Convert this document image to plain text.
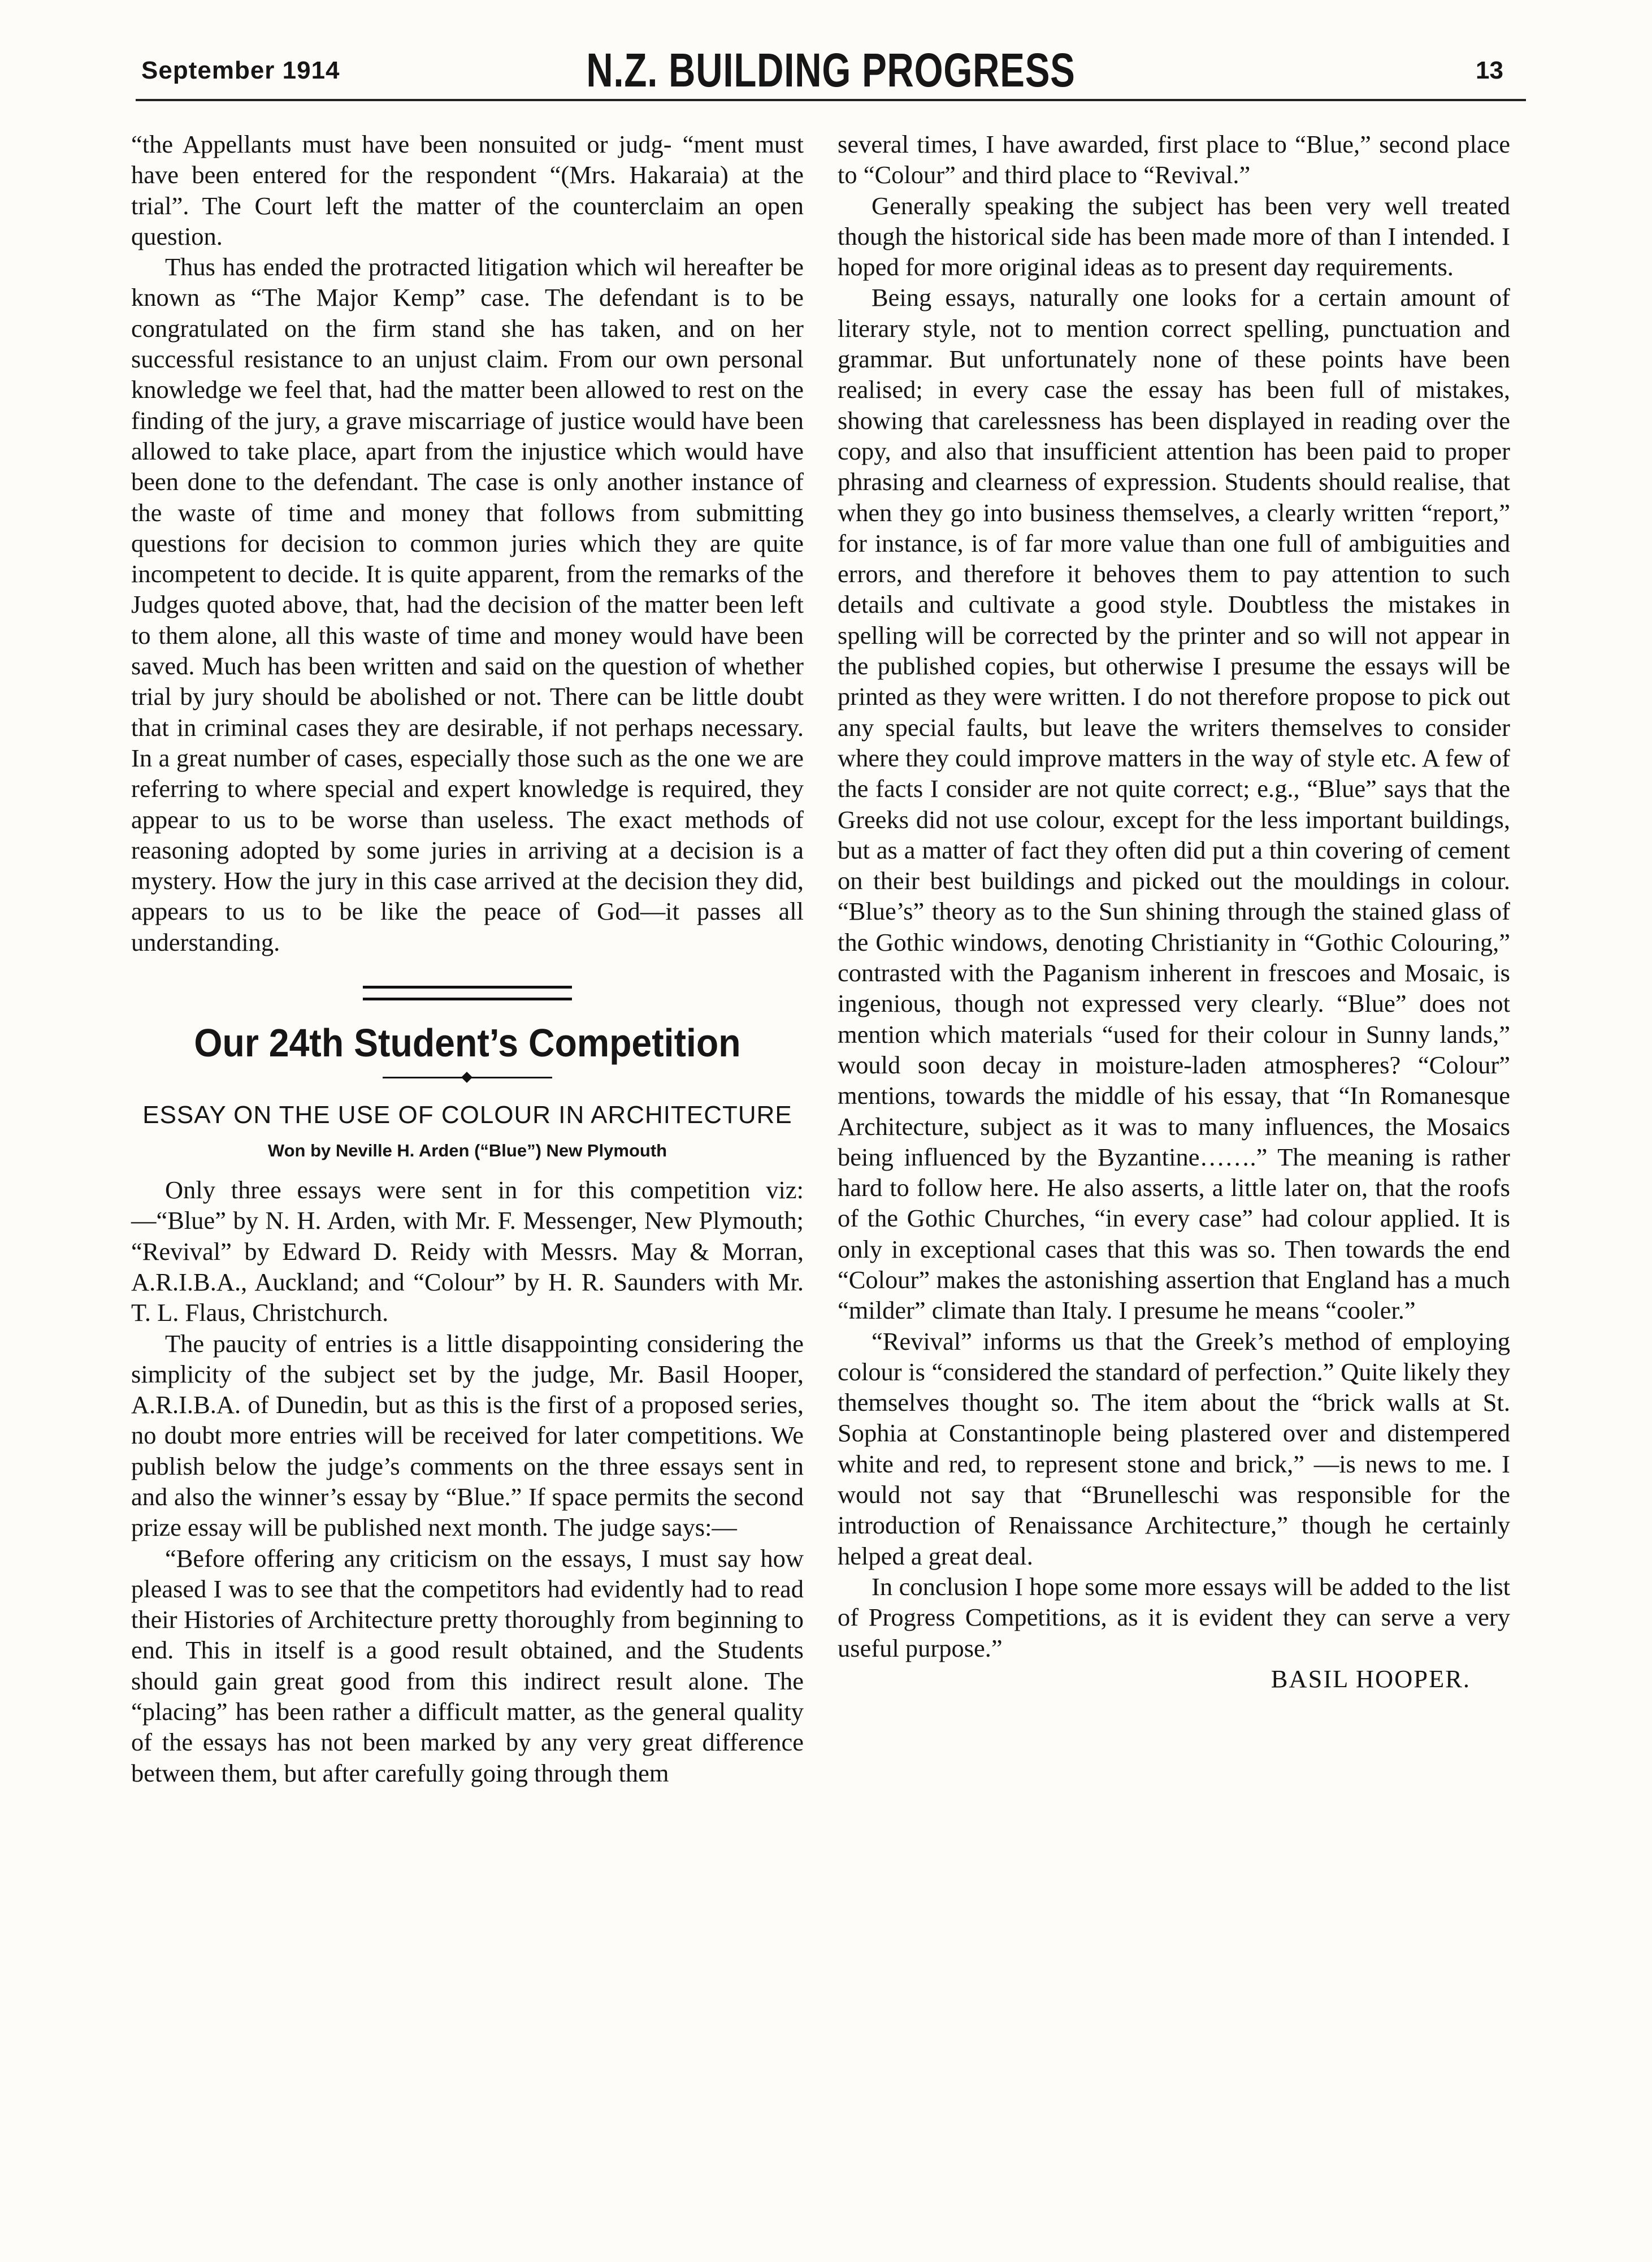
September 1914	N.Z. BUILDING PROGRESS	13

“the Appellants must have been nonsuited or judg- “ment must have been entered for the respondent “(Mrs. Hakaraia) at the trial”. The Court left the matter of the counterclaim an open question.

Thus has ended the protracted litigation which wil hereafter be known as “The Major Kemp” case. The defendant is to be congratulated on the firm stand she has taken, and on her successful resistance to an unjust claim. From our own personal knowledge we feel that, had the matter been allowed to rest on the finding of the jury, a grave miscarriage of justice would have been allowed to take place, apart from the injustice which would have been done to the defendant. The case is only another instance of the waste of time and money that follows from submitting questions for decision to common juries which they are quite incompetent to decide. It is quite apparent, from the remarks of the Judges quoted above, that, had the decision of the matter been left to them alone, all this waste of time and money would have been saved. Much has been written and said on the question of whether trial by jury should be abolished or not. There can be little doubt that in criminal cases they are desirable, if not perhaps necessary. In a great number of cases, especially those such as the one we are referring to where special and expert knowledge is required, they appear to us to be worse than useless. The exact methods of reasoning adopted by some juries in arriving at a decision is a mystery. How the jury in this case arrived at the decision they did, appears to us to be like the peace of God—it passes all understanding.

Our 24th Student’s Competition
ESSAY ON THE USE OF COLOUR IN ARCHITECTURE
Won by Neville H. Arden (“Blue”) New Plymouth

Only three essays were sent in for this competition viz:—“Blue” by N. H. Arden, with Mr. F. Messenger, New Plymouth; “Revival” by Edward D. Reidy with Messrs. May & Morran, A.R.I.B.A., Auckland; and “Colour” by H. R. Saunders with Mr. T. L. Flaus, Christchurch.

The paucity of entries is a little disappointing considering the simplicity of the subject set by the judge, Mr. Basil Hooper, A.R.I.B.A. of Dunedin, but as this is the first of a proposed series, no doubt more entries will be received for later competitions. We publish below the judge’s comments on the three essays sent in and also the winner’s essay by “Blue.” If space permits the second prize essay will be published next month. The judge says:—

“Before offering any criticism on the essays, I must say how pleased I was to see that the competitors had evidently had to read their Histories of Architecture pretty thoroughly from beginning to end. This in itself is a good result obtained, and the Students should gain great good from this indirect result alone. The “placing” has been rather a difficult matter, as the general quality of the essays has not been marked by any very great difference between them, but after carefully going through them

several times, I have awarded, first place to “Blue,” second place to “Colour” and third place to “Revival.”

Generally speaking the subject has been very well treated though the historical side has been made more of than I intended. I hoped for more original ideas as to present day requirements.

Being essays, naturally one looks for a certain amount of literary style, not to mention correct spelling, punctuation and grammar. But unfortunately none of these points have been realised; in every case the essay has been full of mistakes, showing that carelessness has been displayed in reading over the copy, and also that insufficient attention has been paid to proper phrasing and clearness of expression. Students should realise, that when they go into business themselves, a clearly written “report,” for instance, is of far more value than one full of ambiguities and errors, and therefore it behoves them to pay attention to such details and cultivate a good style. Doubtless the mistakes in spelling will be corrected by the printer and so will not appear in the published copies, but otherwise I presume the essays will be printed as they were written. I do not therefore propose to pick out any special faults, but leave the writers themselves to consider where they could improve matters in the way of style etc. A few of the facts I consider are not quite correct; e.g., “Blue” says that the Greeks did not use colour, except for the less important buildings, but as a matter of fact they often did put a thin covering of cement on their best buildings and picked out the mouldings in colour. “Blue’s” theory as to the Sun shining through the stained glass of the Gothic windows, denoting Christianity in “Gothic Colouring,” contrasted with the Paganism inherent in frescoes and Mosaic, is ingenious, though not expressed very clearly. “Blue” does not mention which materials “used for their colour in Sunny lands,” would soon decay in moisture-laden atmospheres? “Colour” mentions, towards the middle of his essay, that “In Romanesque Architecture, subject as it was to many influences, the Mosaics being influenced by the Byzantine…….” The meaning is rather hard to follow here. He also asserts, a little later on, that the roofs of the Gothic Churches, “in every case” had colour applied. It is only in exceptional cases that this was so. Then towards the end “Colour” makes the astonishing assertion that England has a much “milder” climate than Italy. I presume he means “cooler.”

“Revival” informs us that the Greek’s method of employing colour is “considered the standard of perfection.” Quite likely they themselves thought so. The item about the “brick walls at St. Sophia at Constantinople being plastered over and distempered white and red, to represent stone and brick,” —is news to me. I would not say that “Brunelleschi was responsible for the introduction of Renaissance Architecture,” though he certainly helped a great deal.

In conclusion I hope some more essays will be added to the list of Progress Competitions, as it is evident they can serve a very useful purpose.”

BASIL HOOPER.
